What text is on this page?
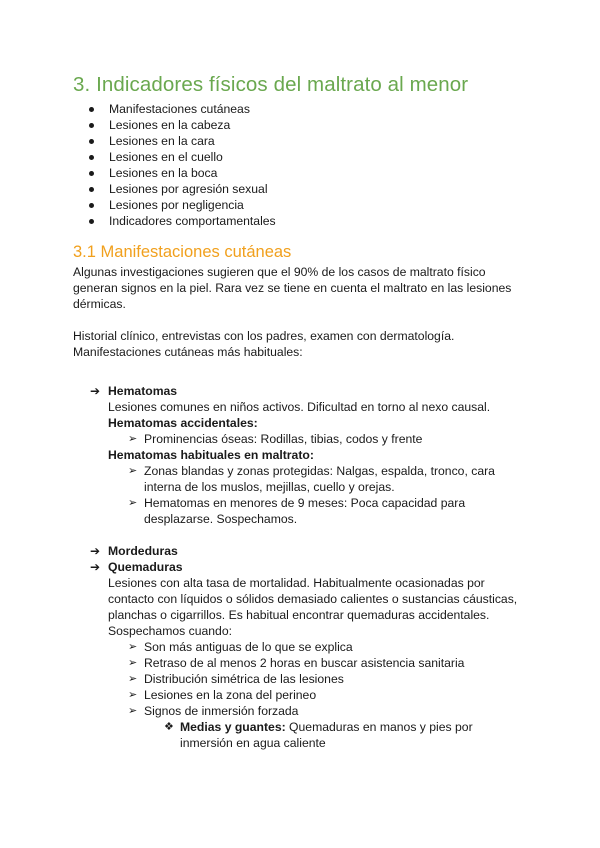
3. Indicadores físicos del maltrato al menor
Manifestaciones cutáneas
Lesiones en la cabeza
Lesiones en la cara
Lesiones en el cuello
Lesiones en la boca
Lesiones por agresión sexual
Lesiones por negligencia
Indicadores comportamentales
3.1 Manifestaciones cutáneas

Algunas investigaciones sugieren que el 90% de los casos de maltrato físico

generan signos en la piel. Rara vez se tiene en cuenta el maltrato en las lesiones

dérmicas.

Historial clínico, entrevistas con los padres, examen con dermatología.

Manifestaciones cutáneas más habituales:

➔ Hematomas

Lesiones comunes en niños activos. Dificultad en torno al nexo causal.

Hematomas accidentales:

➢ Prominencias óseas: Rodillas, tibias, codos y frente

Hematomas habituales en maltrato:

➢ Zonas blandas y zonas protegidas: Nalgas, espalda, tronco, cara
interna de los muslos, mejillas, cuello y orejas.
➢ Hematomas en menores de 9 meses: Poca capacidad para
desplazarse. Sospechamos.
➔ Mordeduras
➔ Quemaduras

Lesiones con alta tasa de mortalidad. Habitualmente ocasionadas por

contacto con líquidos o sólidos demasiado calientes o sustancias cáusticas,

planchas o cigarrillos. Es habitual encontrar quemaduras accidentales.

Sospechamos cuando:

➢ Son más antiguas de lo que se explica
➢ Retraso de al menos 2 horas en buscar asistencia sanitaria
➢ Distribución simétrica de las lesiones
➢ Lesiones en la zona del perineo
➢ Signos de inmersión forzada
❖ Medias y guantes: Quemaduras en manos y pies por
inmersión en agua caliente
